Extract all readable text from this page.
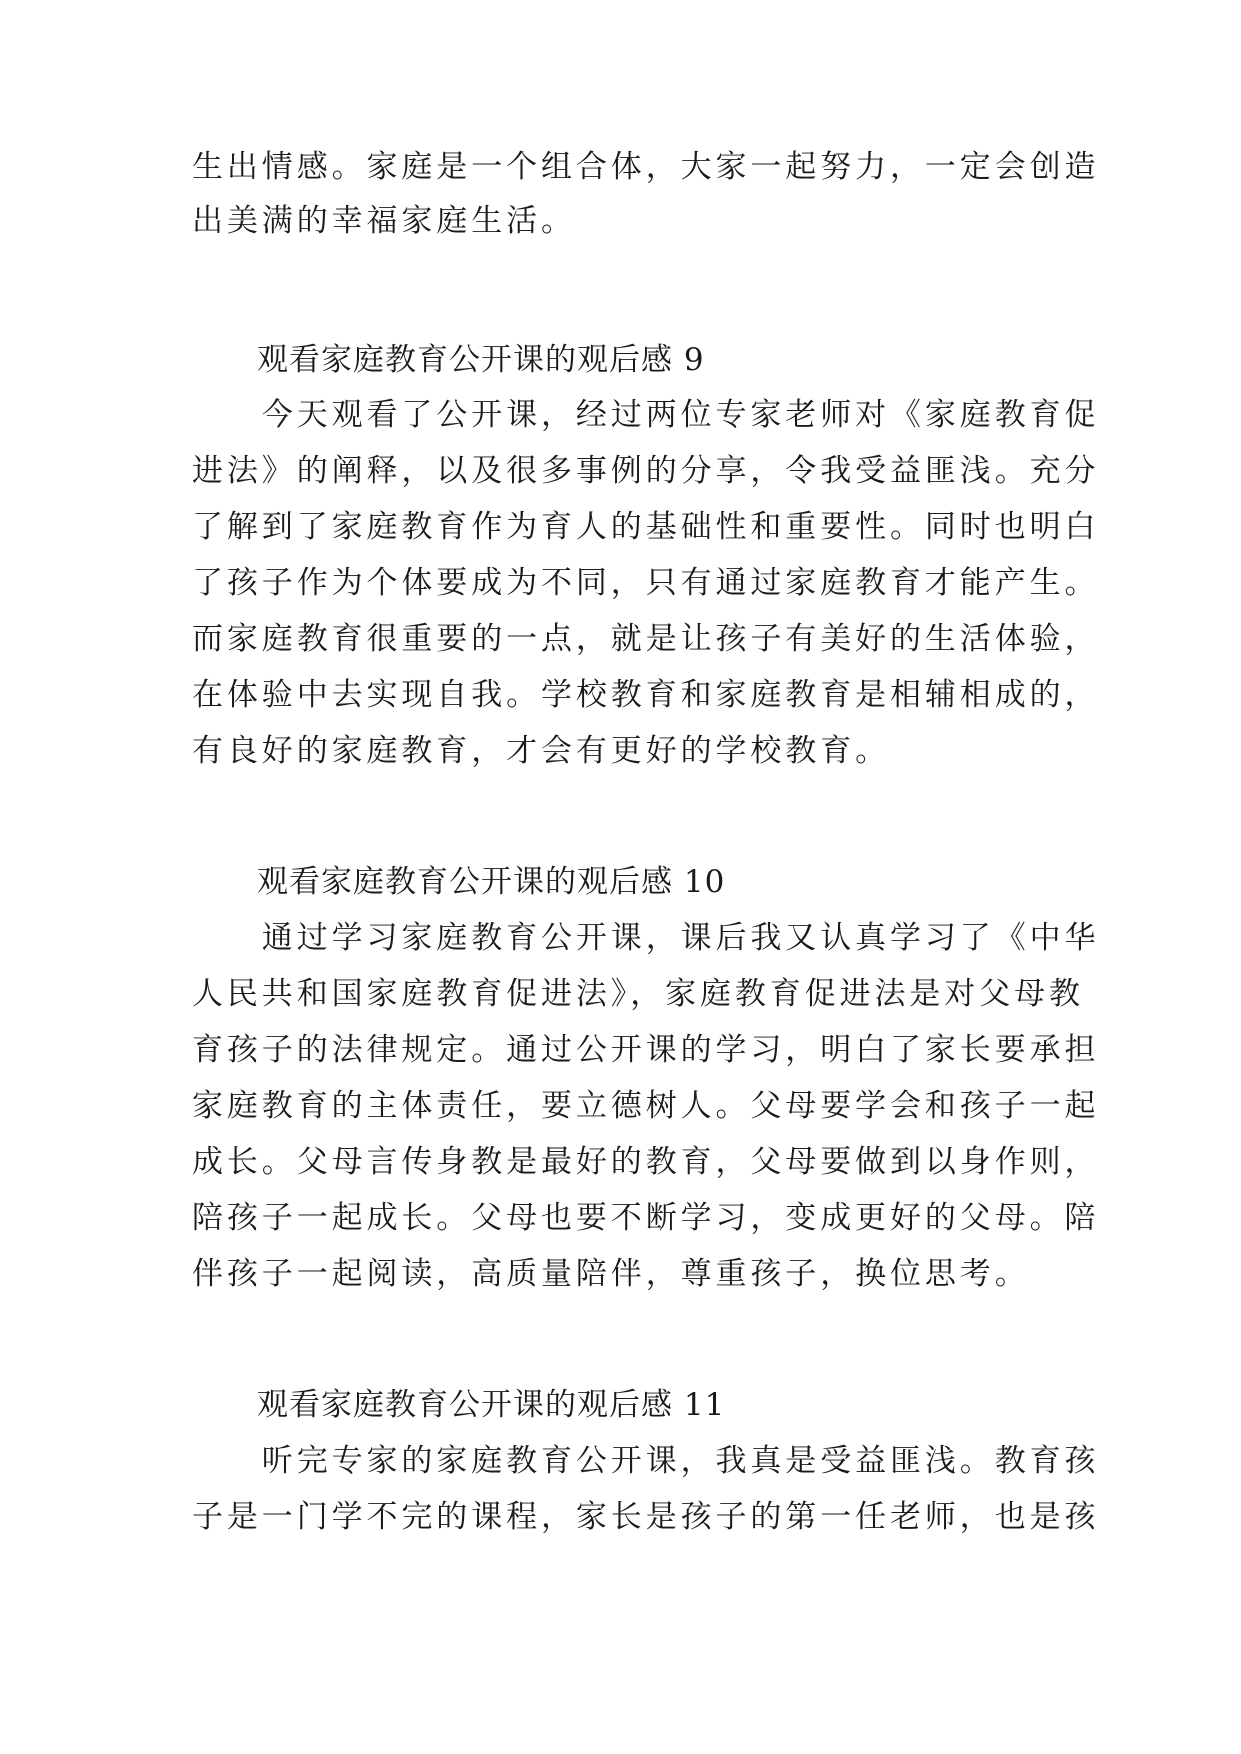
生出情感。家庭是一个组合体，大家一起努力，一定会创造
出美满的幸福家庭生活。
观看家庭教育公开课的观后感 9
　　今天观看了公开课，经过两位专家老师对《家庭教育促
进法》的阐释，以及很多事例的分享，令我受益匪浅。充分
了解到了家庭教育作为育人的基础性和重要性。同时也明白
了孩子作为个体要成为不同，只有通过家庭教育才能产生。
而家庭教育很重要的一点，就是让孩子有美好的生活体验，
在体验中去实现自我。学校教育和家庭教育是相辅相成的，
有良好的家庭教育，才会有更好的学校教育。
观看家庭教育公开课的观后感 10
　　通过学习家庭教育公开课，课后我又认真学习了《中华
人民共和国家庭教育促进法》，家庭教育促进法是对父母教
育孩子的法律规定。通过公开课的学习，明白了家长要承担
家庭教育的主体责任，要立德树人。父母要学会和孩子一起
成长。父母言传身教是最好的教育，父母要做到以身作则，
陪孩子一起成长。父母也要不断学习，变成更好的父母。陪
伴孩子一起阅读，高质量陪伴，尊重孩子，换位思考。
观看家庭教育公开课的观后感 11
　　听完专家的家庭教育公开课，我真是受益匪浅。教育孩
子是一门学不完的课程，家长是孩子的第一任老师，也是孩
